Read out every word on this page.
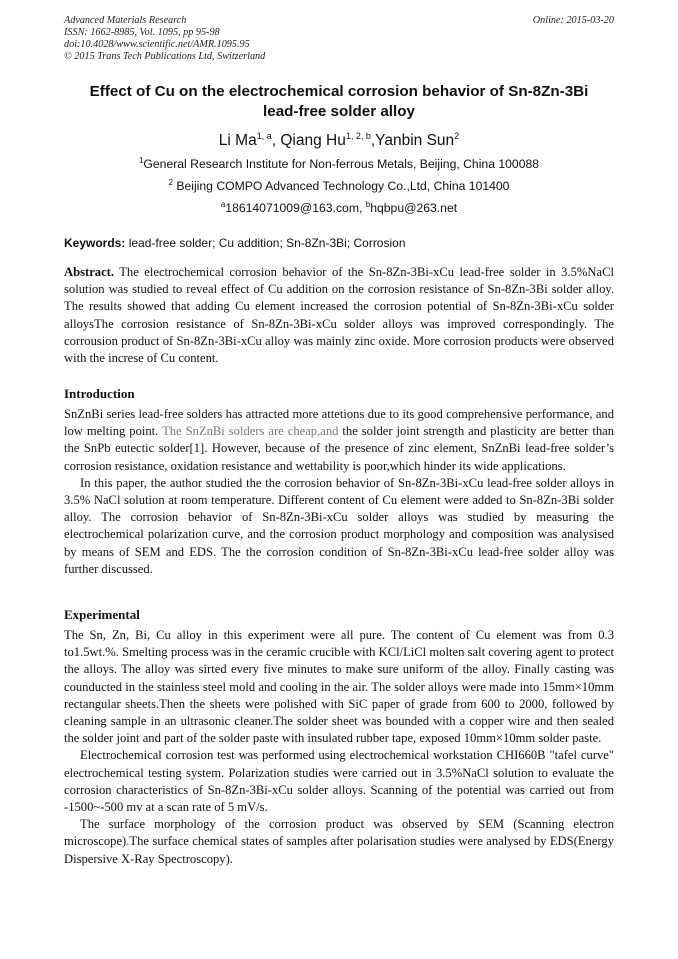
Advanced Materials Research
ISSN: 1662-8985, Vol. 1095, pp 95-98
doi:10.4028/www.scientific.net/AMR.1095.95
© 2015 Trans Tech Publications Ltd, Switzerland
Online: 2015-03-20
Effect of Cu on the electrochemical corrosion behavior of Sn-8Zn-3Bi
lead-free solder alloy
Li Ma$^{1, a}$, Qiang Hu$^{1, 2, b}$,Yanbin Sun$^2$
$^1$General Research Institute for Non-ferrous Metals, Beijing, China 100088
$^2$ Beijing COMPO Advanced Technology Co.,Ltd, China 101400
$^a$18614071009@163.com, $^b$hqbpu@263.net
Keywords: lead-free solder; Cu addition; Sn-8Zn-3Bi; Corrosion

Abstract. The electrochemical corrosion behavior of the Sn-8Zn-3Bi-xCu lead-free solder in 3.5%NaCl solution was studied to reveal effect of Cu addition on the corrosion resistance of Sn-8Zn-3Bi solder alloy. The results showed that adding Cu element increased the corrosion potential of Sn-8Zn-3Bi-xCu solder alloysThe corrosion resistance of Sn-8Zn-3Bi-xCu solder alloys was improved correspondingly. The corrousion product of Sn-8Zn-3Bi-xCu alloy was mainly zinc oxide. More corrosion products were observed with the increse of Cu content.

Introduction

SnZnBi series lead-free solders has attracted more attetions due to its good comprehensive performance, and low melting point. The SnZnBi solders are cheap,and the solder joint strength and plasticity are better than the SnPb eutectic solder[1]. However, because of the presence of zinc element, SnZnBi lead-free solder’s corrosion resistance, oxidation resistance and wettability is poor,which hinder its wide applications.

In this paper, the author studied the the corrosion behavior of Sn-8Zn-3Bi-xCu lead-free solder alloys in 3.5% NaCl solution at room temperature. Different content of Cu element were added to Sn-8Zn-3Bi solder alloy. The corrosion behavior of Sn-8Zn-3Bi-xCu solder alloys was studied by measuring the electrochemical polarization curve, and the corrosion product morphology and composition was analysised by means of SEM and EDS. The the corrosion condition of Sn-8Zn-3Bi-xCu lead-free solder alloy was further discussed.

Experimental

The Sn, Zn, Bi, Cu alloy in this experiment were all pure. The content of Cu element was from 0.3 to1.5wt.%. Smelting process was in the ceramic crucible with KCl/LiCl molten salt covering agent to protect the alloys. The alloy was sirted every five minutes to make sure uniform of the alloy. Finally casting was counducted in the stainless steel mold and cooling in the air. The solder alloys were made into 15mm×10mm rectangular sheets.Then the sheets were polished with SiC paper of grade from 600 to 2000, followed by cleaning sample in an ultrasonic cleaner.The solder sheet was bounded with a copper wire and then sealed the solder joint and part of the solder paste with insulated rubber tape, exposed 10mm×10mm solder paste.

Electrochemical corrosion test was performed using electrochemical workstation CHI660B "tafel curve" electrochemical testing system. Polarization studies were carried out in 3.5%NaCl solution to evaluate the corrosion characteristics of Sn-8Zn-3Bi-xCu solder alloys. Scanning of the potential was carried out from -1500~-500 mv at a scan rate of 5 mV/s.

The surface morphology of the corrosion product was observed by SEM (Scanning electron microscope).The surface chemical states of samples after polarisation studies were analysed by EDS(Energy Dispersive X-Ray Spectroscopy).
